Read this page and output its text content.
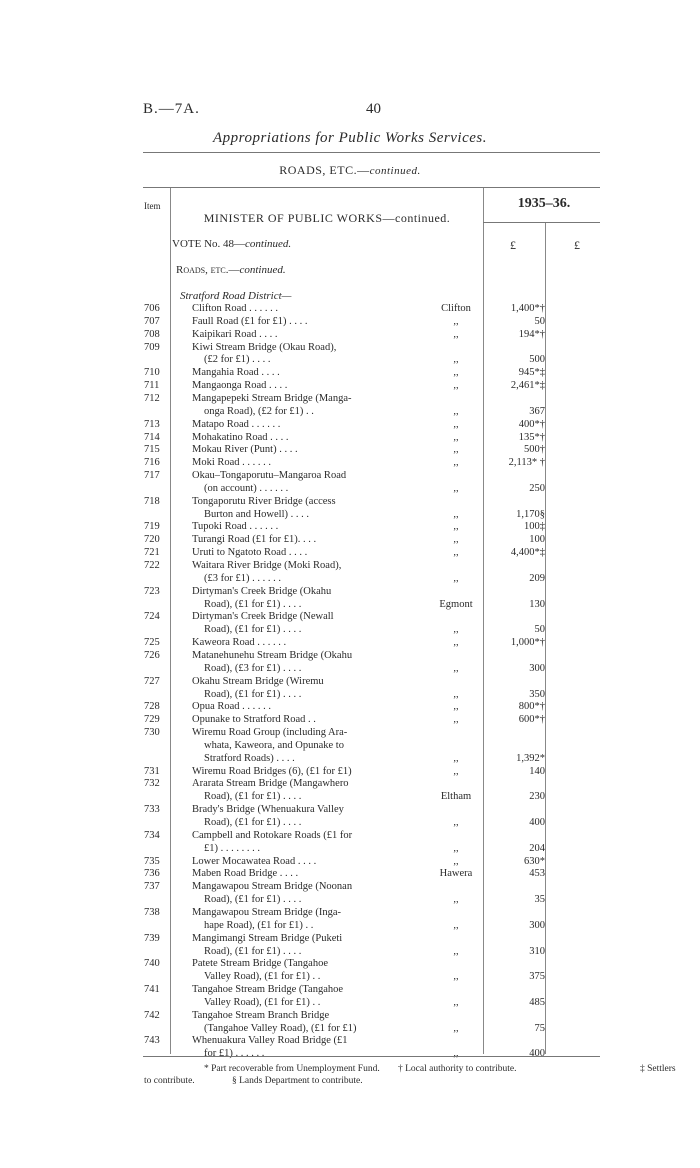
B.—7A.	40
Appropriations for Public Works Services.
ROADS, ETC.—continued.
Item	1935–36.
MINISTER OF PUBLIC WORKS—continued.
VOTE No. 48—continued.	£	£
Roads, etc.—continued.
Stratford Road District—
706	Clifton Road . . . . . .	Clifton	1,400*†
707	Faull Road (£1 for £1) . . . .	,,	50
708	Kaipikari Road . . . .	,,	194*†
709	Kiwi Stream Bridge (Okau Road),
(£2 for £1) . . . .	,,	500
710	Mangahia Road . . . .	,,	945*‡
711	Mangaonga Road . . . .	,,	2,461*‡
712	Mangapepeki Stream Bridge (Manga-
onga Road), (£2 for £1) . .	,,	367
713	Matapo Road . . . . . .	,,	400*†
714	Mohakatino Road . . . .	,,	135*†
715	Mokau River (Punt) . . . .	,,	500†
716	Moki Road . . . . . .	,,	2,113* †
717	Okau–Tongaporutu–Mangaroa Road
(on account) . . . . . .	,,	250
718	Tongaporutu River Bridge (access
Burton and Howell) . . . .	,,	1,170§
719	Tupoki Road . . . . . .	,,	100‡
720	Turangi Road (£1 for £1). . . .	,,	100
721	Uruti to Ngatoto Road . . . .	,,	4,400*‡
722	Waitara River Bridge (Moki Road),
(£3 for £1) . . . . . .	,,	209
723	Dirtyman's Creek Bridge (Okahu
Road), (£1 for £1) . . . .	Egmont	130
724	Dirtyman's Creek Bridge (Newall
Road), (£1 for £1) . . . .	,,	50
725	Kaweora Road . . . . . .	,,	1,000*†
726	Matanehunehu Stream Bridge (Okahu
Road), (£3 for £1) . . . .	,,	300
727	Okahu Stream Bridge (Wiremu
Road), (£1 for £1) . . . .	,,	350
728	Opua Road . . . . . .	,,	800*†
729	Opunake to Stratford Road . .	,,	600*†
730	Wiremu Road Group (including Ara-
whata, Kaweora, and Opunake to
Stratford Roads) . . . .	,,	1,392*
731	Wiremu Road Bridges (6), (£1 for £1)	,,	140
732	Ararata Stream Bridge (Mangawhero
Road), (£1 for £1) . . . .	Eltham	230
733	Brady's Bridge (Whenuakura Valley
Road), (£1 for £1) . . . .	,,	400
734	Campbell and Rotokare Roads (£1 for
£1) . . . . . . . .	,,	204
735	Lower Mocawatea Road . . . .	,,	630*
736	Maben Road Bridge . . . .	Hawera	453
737	Mangawapou Stream Bridge (Noonan
Road), (£1 for £1) . . . .	,,	35
738	Mangawapou Stream Bridge (Inga-
hape Road), (£1 for £1) . .	,,	300
739	Mangimangi Stream Bridge (Puketi
Road), (£1 for £1) . . . .	,,	310
740	Patete Stream Bridge (Tangahoe
Valley Road), (£1 for £1) . .	,,	375
741	Tangahoe Stream Bridge (Tangahoe
Valley Road), (£1 for £1) . .	,,	485
742	Tangahoe Stream Branch Bridge
(Tangahoe Valley Road), (£1 for £1)	,,	75
743	Whenuakura Valley Road Bridge (£1
for £1) . . . . . .	,,	400
* Part recoverable from Unemployment Fund. † Local authority to contribute.	‡ Settlers
to contribute.	§ Lands Department to contribute.
